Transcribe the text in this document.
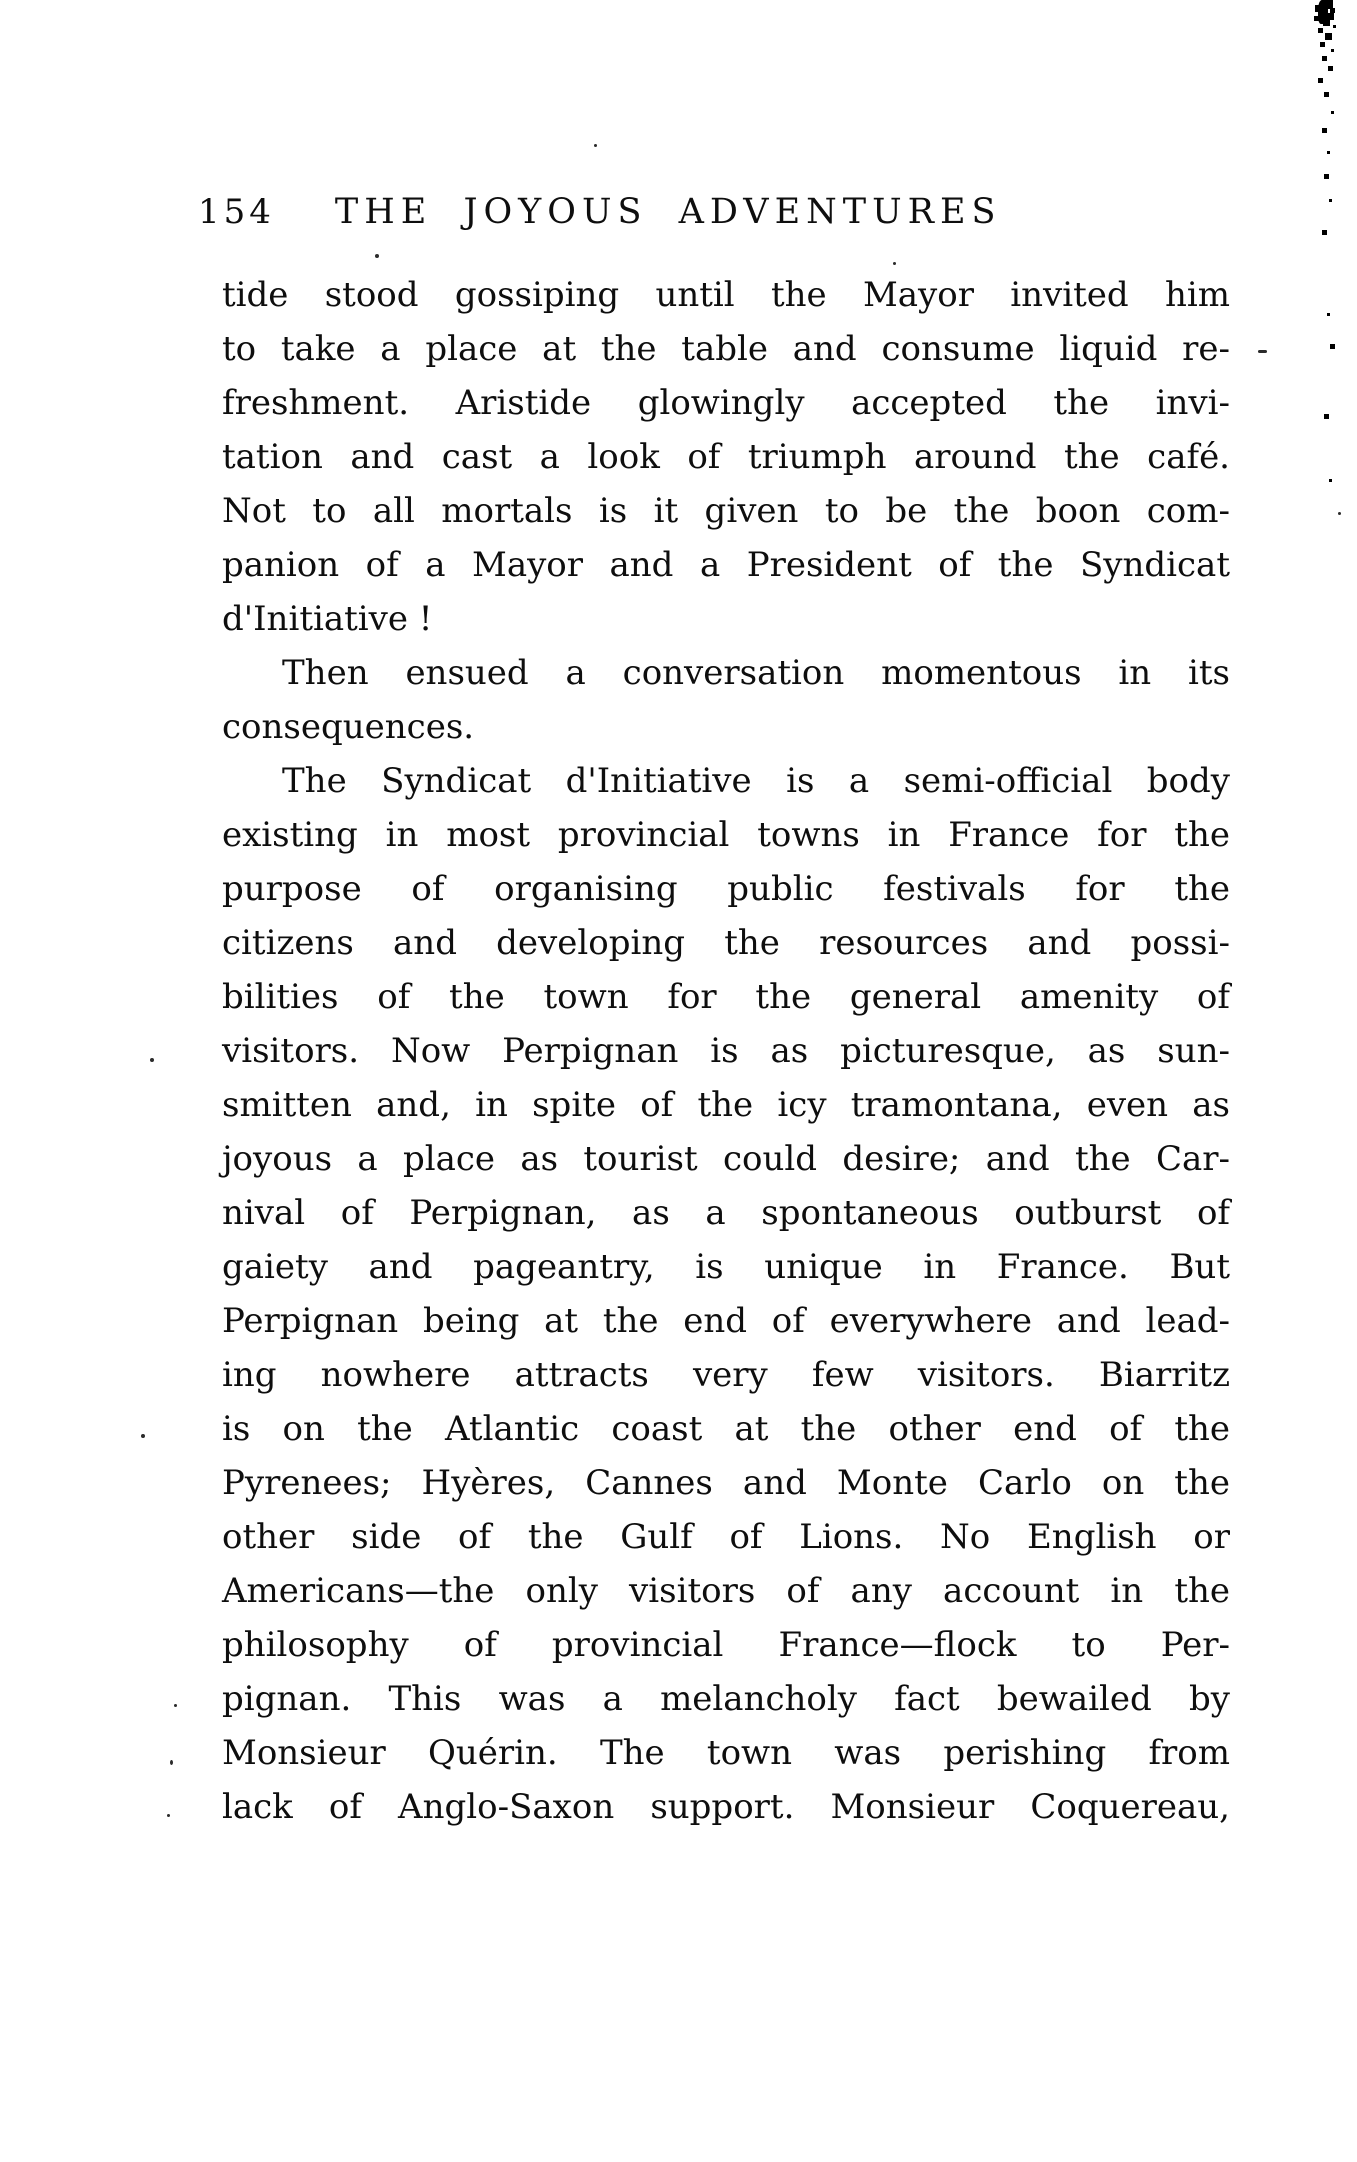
154 THE JOYOUS ADVENTURES
tide stood gossiping until the Mayor invited him
to take a place at the table and consume liquid re-
freshment. Aristide glowingly accepted the invi-
tation and cast a look of triumph around the café.
Not to all mortals is it given to be the boon com-
panion of a Mayor and a President of the Syndicat
d'Initiative !
Then ensued a conversation momentous in its
consequences.
The Syndicat d'Initiative is a semi-official body
existing in most provincial towns in France for the
purpose of organising public festivals for the
citizens and developing the resources and possi-
bilities of the town for the general amenity of
visitors. Now Perpignan is as picturesque, as sun-
smitten and, in spite of the icy tramontana, even as
joyous a place as tourist could desire; and the Car-
nival of Perpignan, as a spontaneous outburst of
gaiety and pageantry, is unique in France. But
Perpignan being at the end of everywhere and lead-
ing nowhere attracts very few visitors. Biarritz
is on the Atlantic coast at the other end of the
Pyrenees; Hyères, Cannes and Monte Carlo on the
other side of the Gulf of Lions. No English or
Americans—the only visitors of any account in the
philosophy of provincial France—flock to Per-
pignan. This was a melancholy fact bewailed by
Monsieur Quérin. The town was perishing from
lack of Anglo-Saxon support. Monsieur Coquereau,
